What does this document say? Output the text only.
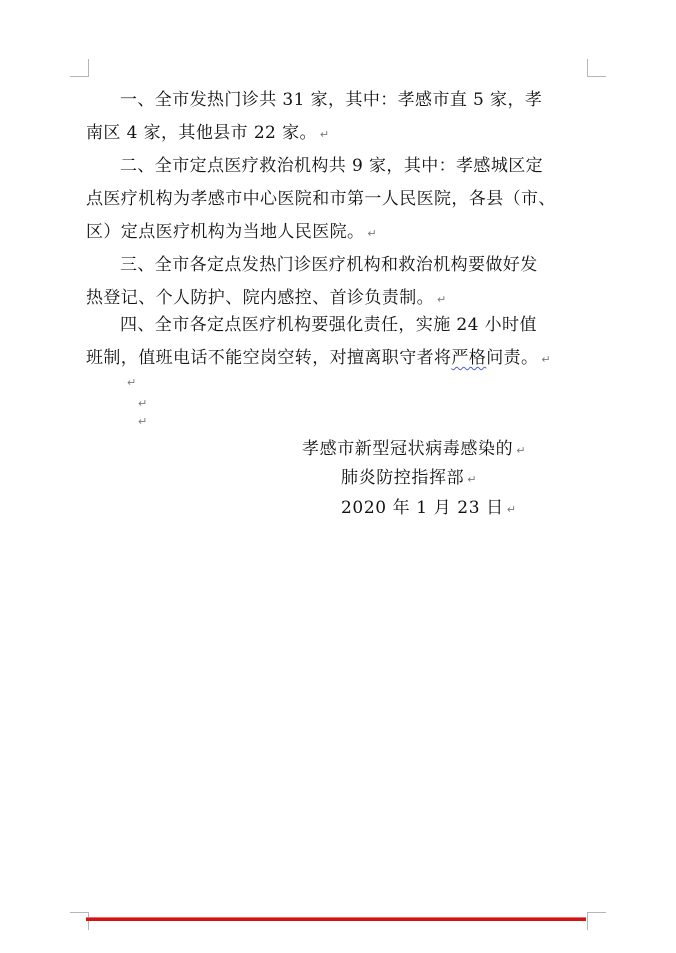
一、全市发热门诊共 31 家，其中：孝感市直 5 家，孝
南区 4 家，其他县市 22 家。 ↵

二、全市定点医疗救治机构共 9 家，其中：孝感城区定
点医疗机构为孝感市中心医院和市第一人民医院，各县（市、
区）定点医疗机构为当地人民医院。 ↵

三、全市各定点发热门诊医疗机构和救治机构要做好发
热登记、个人防护、院内感控、首诊负责制。 ↵

四、全市各定点医疗机构要强化责任，实施 24 小时值
班制，值班电话不能空岗空转，对擅离职守者将严格问责。 ↵

↵
↵
↵
孝感市新型冠状病毒感染的 ↵
肺炎防控指挥部 ↵
2020 年 1 月 23 日 ↵
